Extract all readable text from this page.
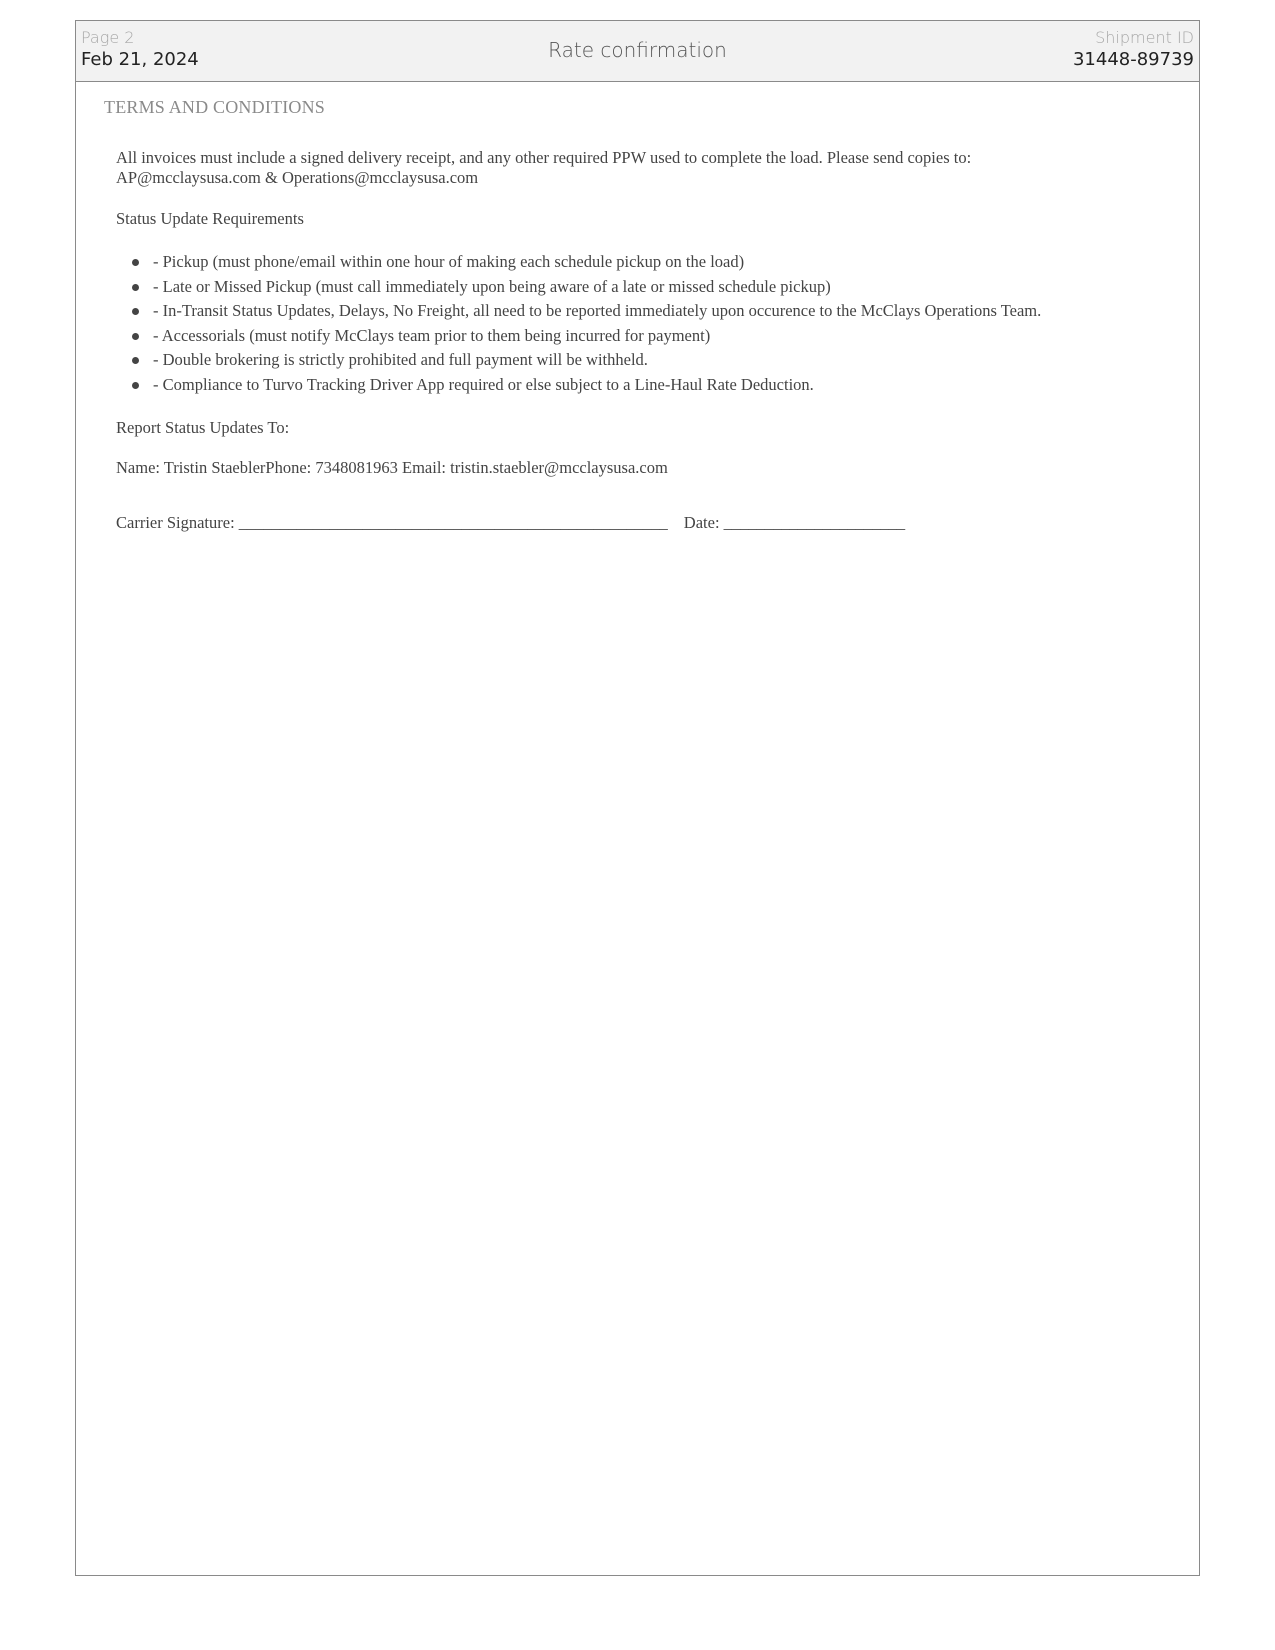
Page 2
Feb 21, 2024	Rate confirmation
Shipment ID
31448-89739
TERMS AND CONDITIONS
All invoices must include a signed delivery receipt, and any other required PPW used to complete the load. Please send copies to:
AP@mcclaysusa.com & Operations@mcclaysusa.com
Status Update Requirements
- Pickup (must phone/email within one hour of making each schedule pickup on the load)
- Late or Missed Pickup (must call immediately upon being aware of a late or missed schedule pickup)
- In-Transit Status Updates, Delays, No Freight, all need to be reported immediately upon occurence to the McClays Operations Team.
- Accessorials (must notify McClays team prior to them being incurred for payment)
- Double brokering is strictly prohibited and full payment will be withheld.
- Compliance to Turvo Tracking Driver App required or else subject to a Line-Haul Rate Deduction.
Report Status Updates To:
Name: Tristin StaeblerPhone: 7348081963 Email: tristin.staebler@mcclaysusa.com
Carrier Signature: ____________________________________________________ Date: ______________________
